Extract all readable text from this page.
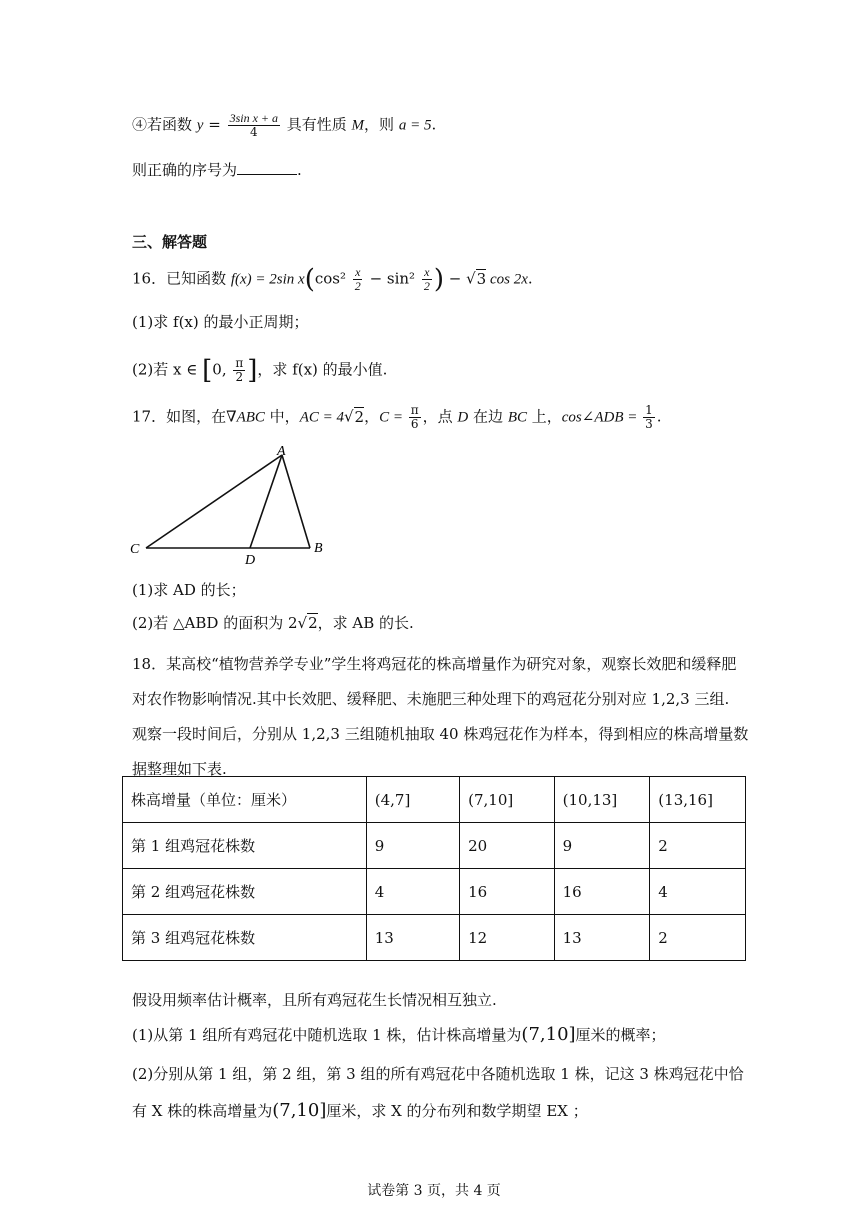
④若函数 $y = \frac{\text{3sin x + a}}{4}$ 具有性质 M，则 a = 5.
则正确的序号为	.
三、解答题
16．已知函数 f(x) = 2sin $x(\cos^2 \frac{x}{2} - \sin^2 \frac{x}{2}$ ) − √3 cos 2x.
(1)求 f(x) 的最小正周期；
(2)若 x ∈ [0, $\frac{\pi}{2}$ ]，求 f(x) 的最小值.
17．如图，在∇ABC 中，AC = 4√2，$C = \frac{\pi}{6}$ ，点 D 在边 BC 上，cos∠ADB = $\frac{1}{3}$ .
A
B
C
D
(1)求 AD 的长；
(2)若 △ABD 的面积为 2√2，求 AB 的长.
18．某高校“植物营养学专业”学生将鸡冠花的株高增量作为研究对象，观察长效肥和缓释肥
对农作物影响情况.其中长效肥、缓释肥、未施肥三种处理下的鸡冠花分别对应 1,2,3 三组.
观察一段时间后，分别从 1,2,3 三组随机抽取 40 株鸡冠花作为样本，得到相应的株高增量数
据整理如下表.
株高增量（单位：厘米）	(4,7]	(7,10]	(10,13]	(13,16]
第 1 组鸡冠花株数	9	20	9	2
第 2 组鸡冠花株数	4	16	16	4
第 3 组鸡冠花株数	13	12	13	2
假设用频率估计概率，且所有鸡冠花生长情况相互独立.
(1)从第 1 组所有鸡冠花中随机选取 1 株，估计株高增量为(7,10]厘米的概率；
(2)分别从第 1 组，第 2 组，第 3 组的所有鸡冠花中各随机选取 1 株，记这 3 株鸡冠花中恰
有 X 株的株高增量为(7,10]厘米，求 X 的分布列和数学期望 EX ；
试卷第 3 页，共 4 页
